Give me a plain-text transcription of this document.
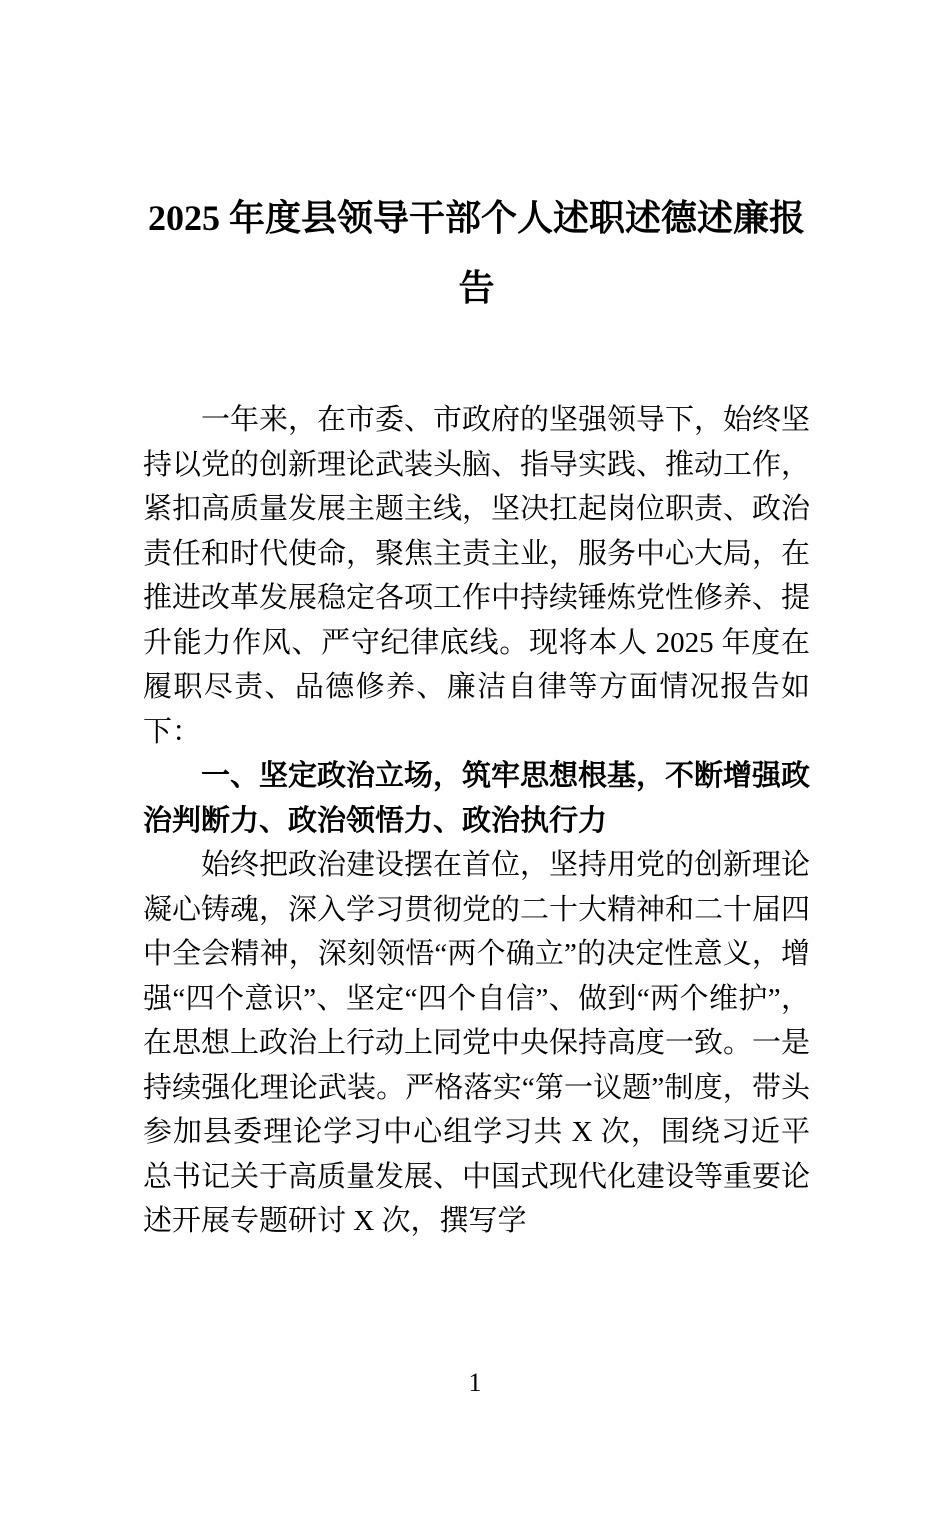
2025 年度县领导干部个人述职述德述廉报告

一年来，在市委、市政府的坚强领导下，始终坚持以党的创新理论武装头脑、指导实践、推动工作，紧扣高质量发展主题主线，坚决扛起岗位职责、政治责任和时代使命，聚焦主责主业，服务中心大局，在推进改革发展稳定各项工作中持续锤炼党性修养、提升能力作风、严守纪律底线。现将本人 2025 年度在履职尽责、品德修养、廉洁自律等方面情况报告如下：

一、坚定政治立场，筑牢思想根基，不断增强政治判断力、政治领悟力、政治执行力

始终把政治建设摆在首位，坚持用党的创新理论凝心铸魂，深入学习贯彻党的二十大精神和二十届四中全会精神，深刻领悟“两个确立”的决定性意义，增强“四个意识”、坚定“四个自信”、做到“两个维护”，在思想上政治上行动上同党中央保持高度一致。一是持续强化理论武装。严格落实“第一议题”制度，带头参加县委理论学习中心组学习共 X 次，围绕习近平总书记关于高质量发展、中国式现代化建设等重要论述开展专题研讨 X 次，撰写学

1
